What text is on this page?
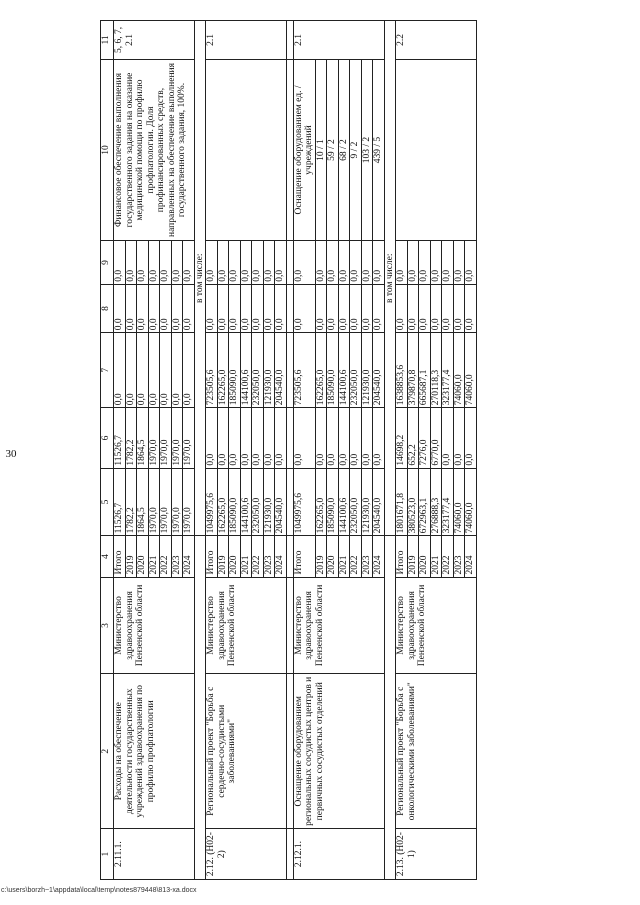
30
1	2	3	4	5	6	7	8	9	10	11
2.11.1.	Расходы на обеспечение деятельности государственных учреждений здравоохранения по профилю профпатологии	Министерство здравоохранения Пензенской области	Итого	11526,7	11526,7	0,0	0,0	0,0	Финансовое обеспечение выполнения государственного задания на оказание медицинской помощи по профилю профпатологии. Доля профинансированных средств, направленных на обеспечение выполнения государственного задания, 100%.	5, 6, 7, 2.1
			2019	1782,2	1782,2	0,0	0,0	0,0		
			2020	1864,5	1864,5	0,0	0,0	0,0		
			2021	1970,0	1970,0	0,0	0,0	0,0		
			2022	1970,0	1970,0	0,0	0,0	0,0		
			2023	1970,0	1970,0	0,0	0,0	0,0		
			2024	1970,0	1970,0	0,0	0,0	0,0		
				в том числе:						
2.12. (Н02-2)	Региональный проект "Борьба с сердечно-сосудистыми заболеваниями"	Министерство здравоохранения Пензенской области	Итого	1049975,6	0,0	723505,6	0,0	0,0		2.1
			2019	162265,0	0,0	162265,0	0,0	0,0		
			2020	185090,0	0,0	185090,0	0,0	0,0		
			2021	144100,6	0,0	144100,6	0,0	0,0		
			2022	232050,0	0,0	232050,0	0,0	0,0		
			2023	121930,0	0,0	121930,0	0,0	0,0		
			2024	204540,0	0,0	204540,0	0,0	0,0		

2.12.1.	Оснащение оборудованием региональных сосудистых центров и первичных сосудистых отделений	Министерство здравоохранения Пензенской области	Итого	1049975,6	0,0	723505,6	0,0	0,0	Оснащение оборудованием ед. / учреждений	2.1
			2019	162265,0	0,0	162265,0	0,0	0,0	10 / 1	
			2020	185090,0	0,0	185090,0	0,0	0,0	59 / 2	
			2021	144100,6	0,0	144100,6	0,0	0,0	68 / 2	
			2022	232050,0	0,0	232050,0	0,0	0,0	9 / 2	
			2023	121930,0	0,0	121930,0	0,0	0,0	103 / 2	
			2024	204540,0	0,0	204540,0	0,0	0,0	439 / 5	
				в том числе:						
2.13. (Н02-1)	Региональный проект "Борьба с онкологическими заболеваниями"	Министерство здравоохранения Пензенской области	Итого	1801671,8	14698,2	1638853,6	0,0	0,0		2.2
			2019	380523,0	652,2	379870,8	0,0	0,0		
			2020	672963,1	7276,0	665687,1	0,0	0,0		
			2021	276888,3	6770,0	270118,3	0,0	0,0		
			2022	323177,4	0,0	323177,4	0,0	0,0		
			2023	74060,0	0,0	74060,0	0,0	0,0		
			2024	74060,0	0,0	74060,0	0,0	0,0		
c:\users\borzh~1\appdata\local\temp\notes879448\813-xa.docx
